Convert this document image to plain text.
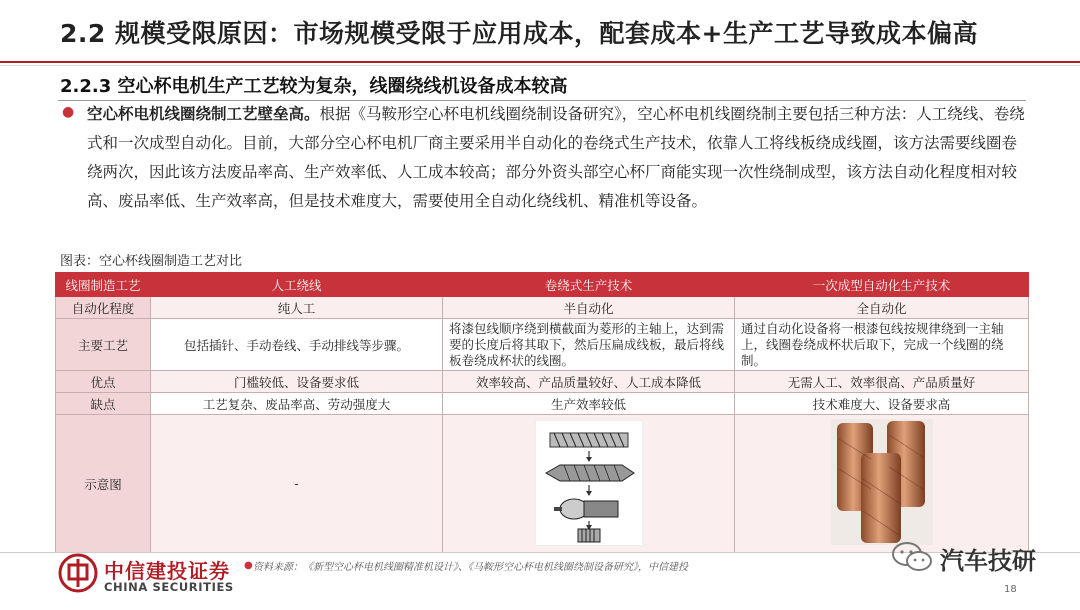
2.2 规模受限原因：市场规模受限于应用成本，配套成本+生产工艺导致成本偏高
2.2.3 空心杯电机生产工艺较为复杂，线圈绕线机设备成本较高
● 空心杯电机线圈绕制工艺壁垒高。根据《马鞍形空心杯电机线圈绕制设备研究》，空心杯电机线圈绕制主要包括三种方法：人工绕线、卷绕式和一次成型自动化。目前，大部分空心杯电机厂商主要采用半自动化的卷绕式生产技术，依靠人工将线板绕成线圈，该方法需要线圈卷绕两次，因此该方法废品率高、生产效率低、人工成本较高；部分外资头部空心杯厂商能实现一次性绕制成型，该方法自动化程度相对较高、废品率低、生产效率高，但是技术难度大，需要使用全自动化绕线机、精准机等设备。
图表：空心杯线圈制造工艺对比
线圈制造工艺	人工绕线	卷绕式生产技术	一次成型自动化生产技术
自动化程度	纯人工	半自动化	全自动化
主要工艺	包括插针、手动卷线、手动排线等步骤。	将漆包线顺序绕到横截面为菱形的主轴上，达到需要的长度后将其取下，然后压扁成线板，最后将线板卷绕成杯状的线圈。	通过自动化设备将一根漆包线按规律绕到一主轴上，线圈卷绕成杯状后取下，完成一个线圈的绕制。
优点	门槛较低、设备要求低	效率较高、产品质量较好、人工成本降低	无需人工、效率很高、产品质量好
缺点	工艺复杂、废品率高、劳动强度大	生产效率较低	技术难度大、设备要求高
示意图	-		
中信建投证券
CHINA SECURITIES
● 资料来源：《新型空心杯电机线圈精准机设计》、《马鞍形空心杯电机线圈绕制设备研究》，中信建投	汽车技研
18
